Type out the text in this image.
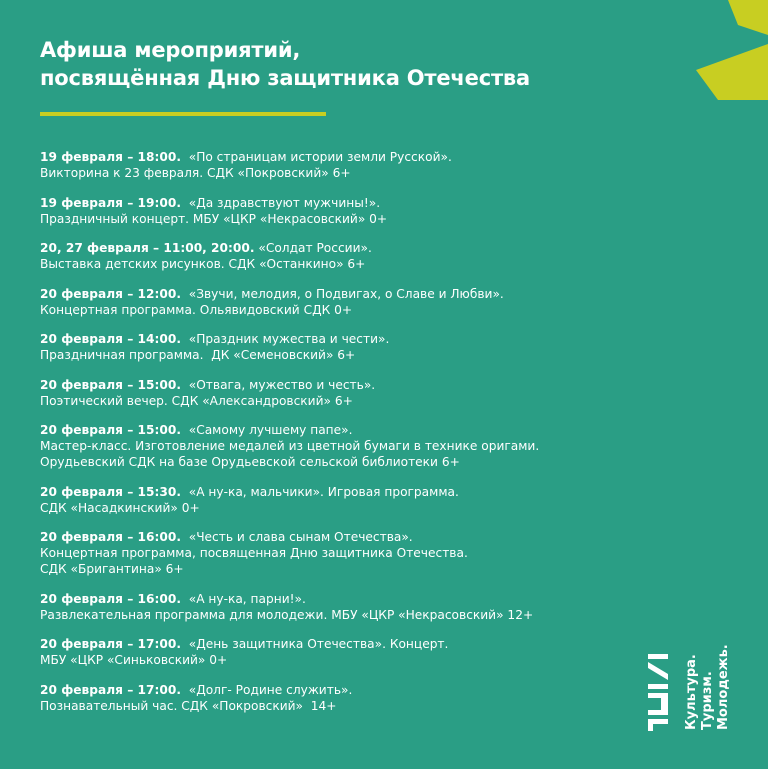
Афиша мероприятий,
посвящённая Дню защитника Отечества
19 февраля – 18:00.  «По страницам истории земли Русской».
Викторина к 23 февраля. СДК «Покровский» 6+
19 февраля – 19:00.  «Да здравствуют мужчины!».
Праздничный концерт. МБУ «ЦКР «Некрасовский» 0+
20, 27 февраля – 11:00, 20:00. «Солдат России».
Выставка детских рисунков. СДК «Останкино» 6+
20 февраля – 12:00.  «Звучи, мелодия, о Подвигах, о Славе и Любви».
Концертная программа. Ольявидовский СДК 0+
20 февраля – 14:00.  «Праздник мужества и чести».
Праздничная программа.  ДК «Семеновский» 6+
20 февраля – 15:00.  «Отвага, мужество и честь».
Поэтический вечер. СДК «Александровский» 6+
20 февраля – 15:00.  «Самому лучшему папе».
Мастер-класс. Изготовление медалей из цветной бумаги в технике оригами.
Орудьевский СДК на базе Орудьевской сельской библиотеки 6+
20 февраля – 15:30.  «А ну-ка, мальчики». Игровая программа.
СДК «Насадкинский» 0+
20 февраля – 16:00.  «Честь и слава сынам Отечества».
Концертная программа, посвященная Дню защитника Отечества.
СДК «Бригантина» 6+
20 февраля – 16:00.  «А ну-ка, парни!».
Развлекательная программа для молодежи. МБУ «ЦКР «Некрасовский» 12+
20 февраля – 17:00.  «День защитника Отечества». Концерт.
МБУ «ЦКР «Синьковский» 0+
20 февраля – 17:00.  «Долг- Родине служить».
Познавательный час. СДК «Покровский»  14+	Культура. Туризм. Молодежь.
